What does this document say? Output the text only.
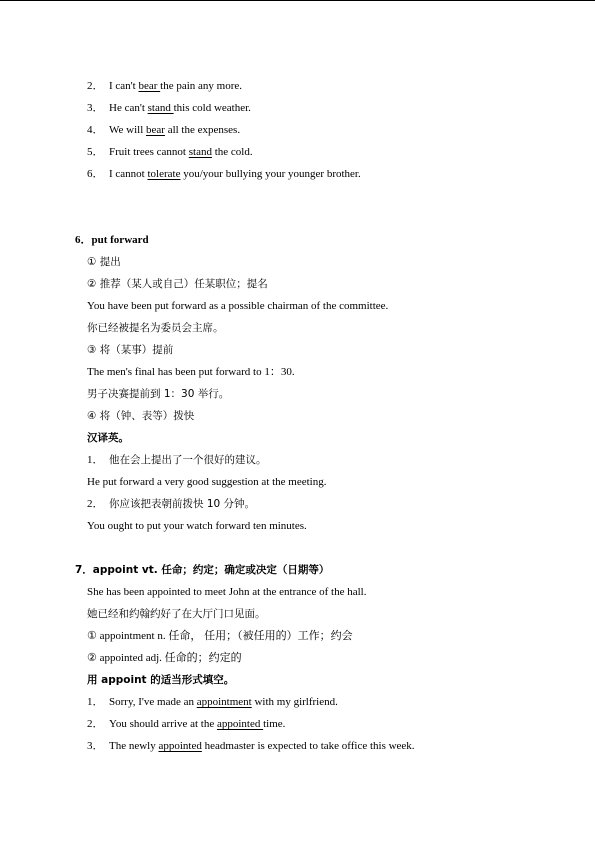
2． I can't bear the pain any more.
3． He can't stand this cold weather.
4． We will bear all the expenses.
5． Fruit trees cannot stand the cold.
6． I cannot tolerate you/your bullying your younger brother.
6．put forward
① 提出
② 推荐（某人或自己）任某职位；提名
You have been put forward as a possible chairman of the committee.
你已经被提名为委员会主席。
③ 将（某事）提前
The men's final has been put forward to 1：30.
男子决赛提前到 1：30 举行。
④ 将（钟、表等）拨快
汉译英。
1． 他在会上提出了一个很好的建议。
He put forward a very good suggestion at the meeting.
2． 你应该把表朝前拨快 10 分钟。
You ought to put your watch forward ten minutes.
7．appoint vt. 任命；约定；确定或决定（日期等）
She has been appointed to meet John at the entrance of the hall.
她已经和约翰约好了在大厅门口见面。
① appointment n. 任命， 任用；（被任用的）工作；约会
② appointed adj. 任命的；约定的
用 appoint 的适当形式填空。
1． Sorry, I've made an appointment with my girlfriend.
2． You should arrive at the appointed time.
3． The newly appointed headmaster is expected to take office this week.
